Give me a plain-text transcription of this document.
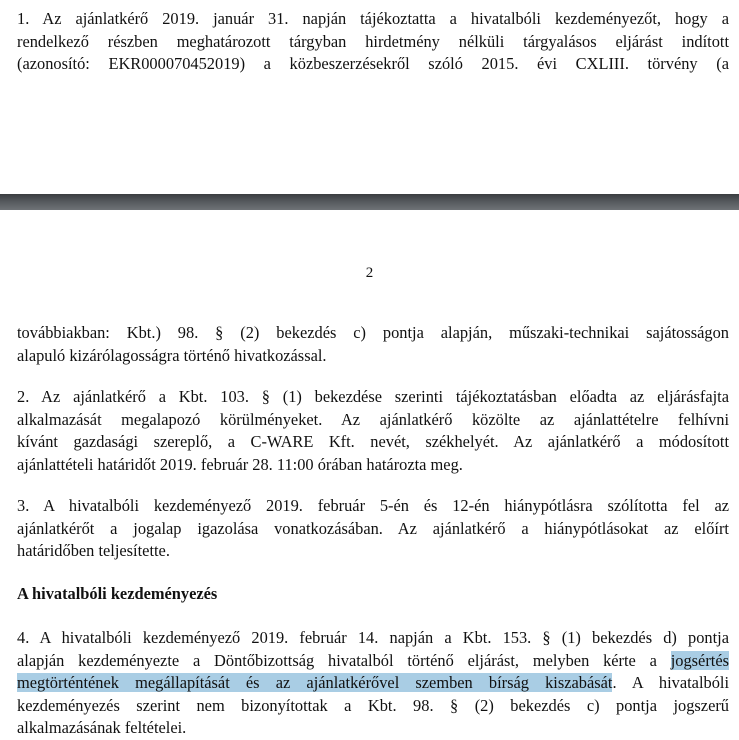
1. Az ajánlatkérő 2019. január 31. napján tájékoztatta a hivatalbóli kezdeményezőt, hogy a
rendelkező részben meghatározott tárgyban hirdetmény nélküli tárgyalásos eljárást indított
(azonosító: EKR000070452019) a közbeszerzésekről szóló 2015. évi CXLIII. törvény (a
2
továbbiakban: Kbt.) 98. § (2) bekezdés c) pontja alapján, műszaki-technikai sajátosságon
alapuló kizárólagosságra történő hivatkozással.
2. Az ajánlatkérő a Kbt. 103. § (1) bekezdése szerinti tájékoztatásban előadta az eljárásfajta
alkalmazását megalapozó körülményeket. Az ajánlatkérő közölte az ajánlattételre felhívni
kívánt gazdasági szereplő, a C-WARE Kft. nevét, székhelyét. Az ajánlatkérő a módosított
ajánlattételi határidőt 2019. február 28. 11:00 órában határozta meg.
3. A hivatalbóli kezdeményező 2019. február 5-én és 12-én hiánypótlásra szólította fel az
ajánlatkérőt a jogalap igazolása vonatkozásában. Az ajánlatkérő a hiánypótlásokat az előírt
határidőben teljesítette.
A hivatalbóli kezdeményezés
4. A hivatalbóli kezdeményező 2019. február 14. napján a Kbt. 153. § (1) bekezdés d) pontja
alapján kezdeményezte a Döntőbizottság hivatalból történő eljárást, melyben kérte a jogsértés
megtörténtének megállapítását és az ajánlatkérővel szemben bírság kiszabását. A hivatalbóli
kezdeményezés szerint nem bizonyítottak a Kbt. 98. § (2) bekezdés c) pontja jogszerű
alkalmazásának feltételei.
